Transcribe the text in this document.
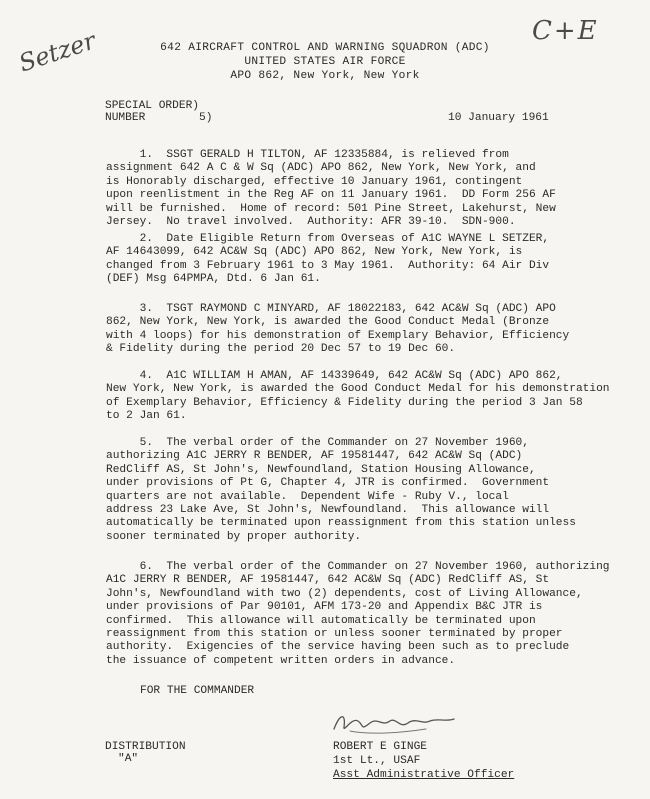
Setzer	C+E
642 AIRCRAFT CONTROL AND WARNING SQUADRON (ADC)
UNITED STATES AIR FORCE
APO 862, New York, New York
SPECIAL ORDER)
NUMBER        5)	10 January 1961
1.  SSGT GERALD H TILTON, AF 12335884, is relieved from
assignment 642 A C & W Sq (ADC) APO 862, New York, New York, and
is Honorably discharged, effective 10 January 1961, contingent
upon reenlistment in the Reg AF on 11 January 1961.  DD Form 256 AF
will be furnished.  Home of record: 501 Pine Street, Lakehurst, New
Jersey.  No travel involved.  Authority: AFR 39-10.  SDN-900.
2.  Date Eligible Return from Overseas of A1C WAYNE L SETZER,
AF 14643099, 642 AC&W Sq (ADC) APO 862, New York, New York, is
changed from 3 February 1961 to 3 May 1961.  Authority: 64 Air Div
(DEF) Msg 64PMPA, Dtd. 6 Jan 61.
3.  TSGT RAYMOND C MINYARD, AF 18022183, 642 AC&W Sq (ADC) APO
862, New York, New York, is awarded the Good Conduct Medal (Bronze
with 4 loops) for his demonstration of Exemplary Behavior, Efficiency
& Fidelity during the period 20 Dec 57 to 19 Dec 60.
4.  A1C WILLIAM H AMAN, AF 14339649, 642 AC&W Sq (ADC) APO 862,
New York, New York, is awarded the Good Conduct Medal for his demonstration
of Exemplary Behavior, Efficiency & Fidelity during the period 3 Jan 58
to 2 Jan 61.
5.  The verbal order of the Commander on 27 November 1960,
authorizing A1C JERRY R BENDER, AF 19581447, 642 AC&W Sq (ADC)
RedCliff AS, St John's, Newfoundland, Station Housing Allowance,
under provisions of Pt G, Chapter 4, JTR is confirmed.  Government
quarters are not available.  Dependent Wife - Ruby V., local
address 23 Lake Ave, St John's, Newfoundland.  This allowance will
automatically be terminated upon reassignment from this station unless
sooner terminated by proper authority.
6.  The verbal order of the Commander on 27 November 1960, authorizing
A1C JERRY R BENDER, AF 19581447, 642 AC&W Sq (ADC) RedCliff AS, St
John's, Newfoundland with two (2) dependents, cost of Living Allowance,
under provisions of Par 90101, AFM 173-20 and Appendix B&C JTR is
confirmed.  This allowance will automatically be terminated upon
reassignment from this station or unless sooner terminated by proper
authority.  Exigencies of the service having been such as to preclude
the issuance of competent written orders in advance.
FOR THE COMMANDER
DISTRIBUTION
"A"
ROBERT E GINGE
1st Lt., USAF
Asst Administrative Officer
